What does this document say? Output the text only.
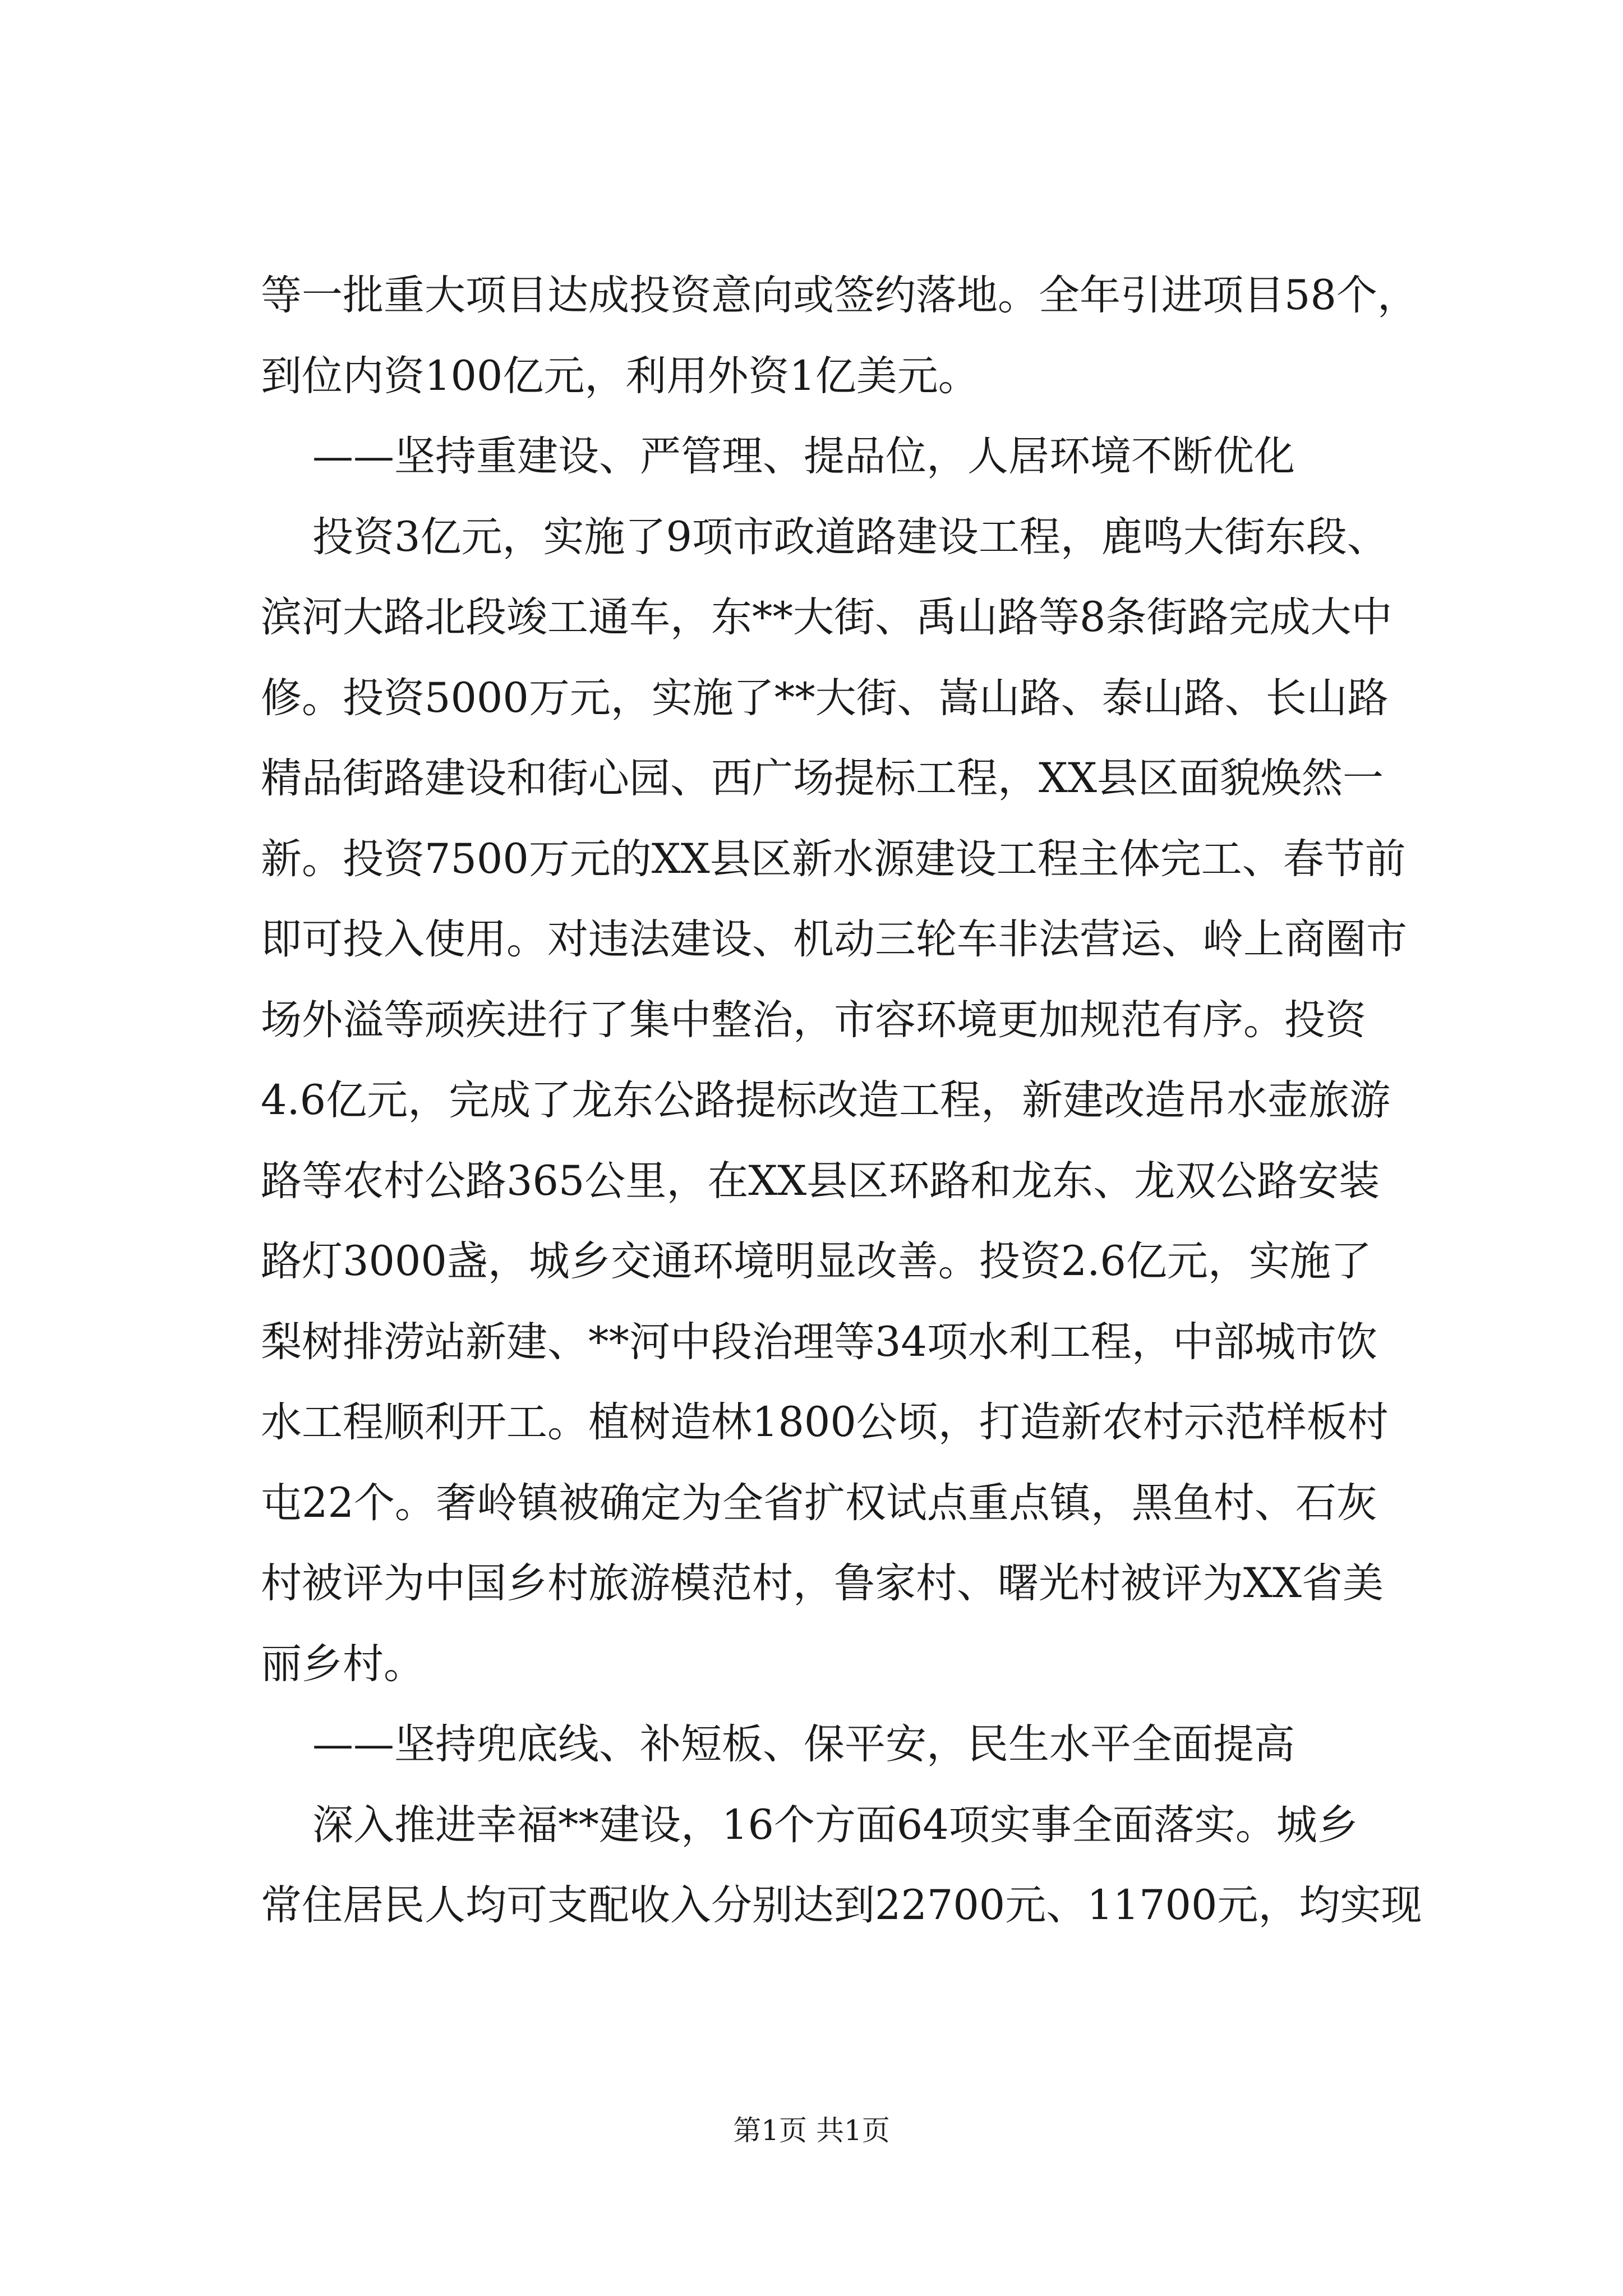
等一批重大项目达成投资意向或签约落地。全年引进项目58个，
到位内资100亿元，利用外资1亿美元。
——坚持重建设、严管理、提品位，人居环境不断优化
投资3亿元，实施了9项市政道路建设工程，鹿鸣大街东段、
滨河大路北段竣工通车，东**大街、禹山路等8条街路完成大中
修。投资5000万元，实施了**大街、嵩山路、泰山路、长山路
精品街路建设和街心园、西广场提标工程，XX县区面貌焕然一
新。投资7500万元的XX县区新水源建设工程主体完工、春节前
即可投入使用。对违法建设、机动三轮车非法营运、岭上商圈市
场外溢等顽疾进行了集中整治，市容环境更加规范有序。投资
4.6亿元，完成了龙东公路提标改造工程，新建改造吊水壶旅游
路等农村公路365公里，在XX县区环路和龙东、龙双公路安装
路灯3000盏，城乡交通环境明显改善。投资2.6亿元，实施了
梨树排涝站新建、**河中段治理等34项水利工程，中部城市饮
水工程顺利开工。植树造林1800公顷，打造新农村示范样板村
屯22个。奢岭镇被确定为全省扩权试点重点镇，黑鱼村、石灰
村被评为中国乡村旅游模范村，鲁家村、曙光村被评为XX省美
丽乡村。
——坚持兜底线、补短板、保平安，民生水平全面提高
深入推进幸福**建设，16个方面64项实事全面落实。城乡
常住居民人均可支配收入分别达到22700元、11700元，均实现
第1页 共1页
